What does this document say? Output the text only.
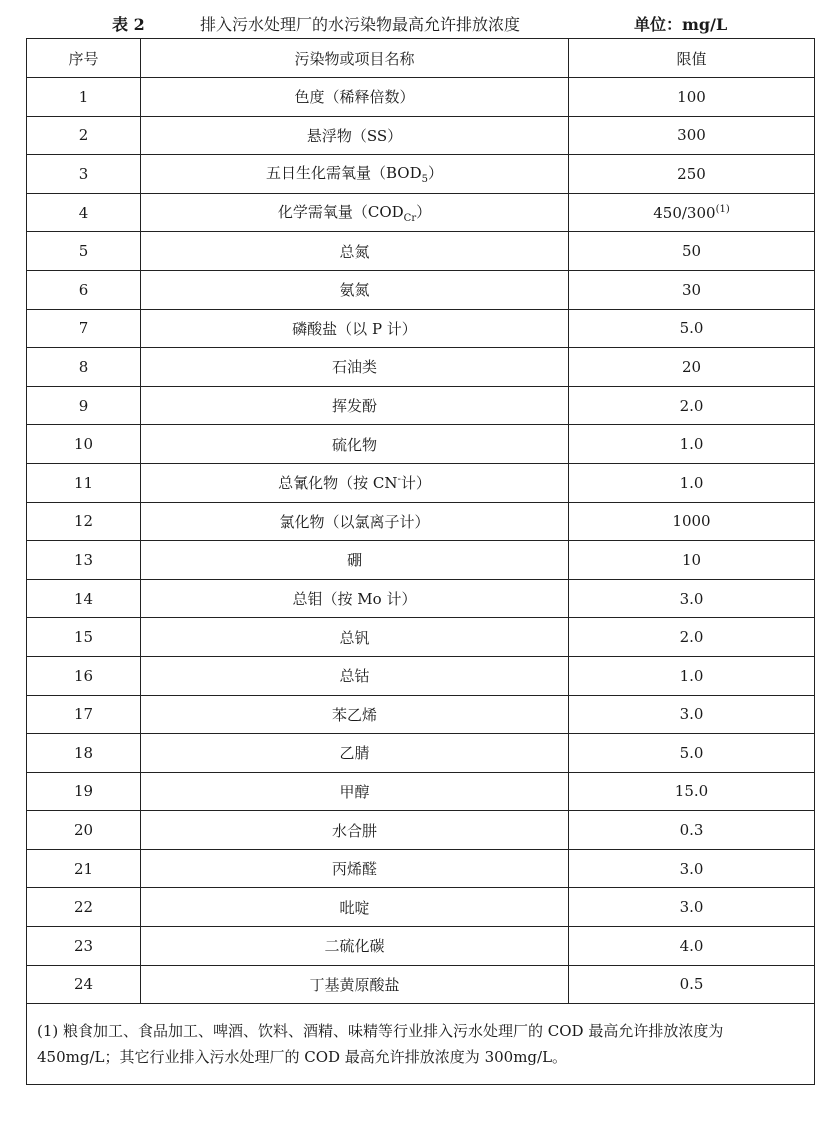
表 2	排入污水处理厂的水污染物最高允许排放浓度	单位：mg/L
序号	污染物或项目名称	限值
1	色度（稀释倍数）	100
2	悬浮物（SS）	300
3	五日生化需氧量$(BOD_5)$	250
4	化学需氧量$(COD_{Cr})$	450/300$^{(1)}$
5	总氮	50
6	氨氮	30
7	磷酸盐（以 P 计）	5.0
8	石油类	20
9	挥发酚	2.0
10	硫化物	1.0
11	总氰化物（按 CN-计）	1.0
12	氯化物（以氯离子计）	1000
13	硼	10
14	总钼（按 Mo 计）	3.0
15	总钒	2.0
16	总钴	1.0
17	苯乙烯	3.0
18	乙腈	5.0
19	甲醇	15.0
20	水合肼	0.3
21	丙烯醛	3.0
22	吡啶	3.0
23	二硫化碳	4.0
24	丁基黄原酸盐	0.5
(1) 粮食加工、食品加工、啤酒、饮料、酒精、味精等行业排入污水处理厂的 COD 最高允许排放浓度为 450mg/L；其它行业排入污水处理厂的 COD 最高允许排放浓度为 300mg/L。		
